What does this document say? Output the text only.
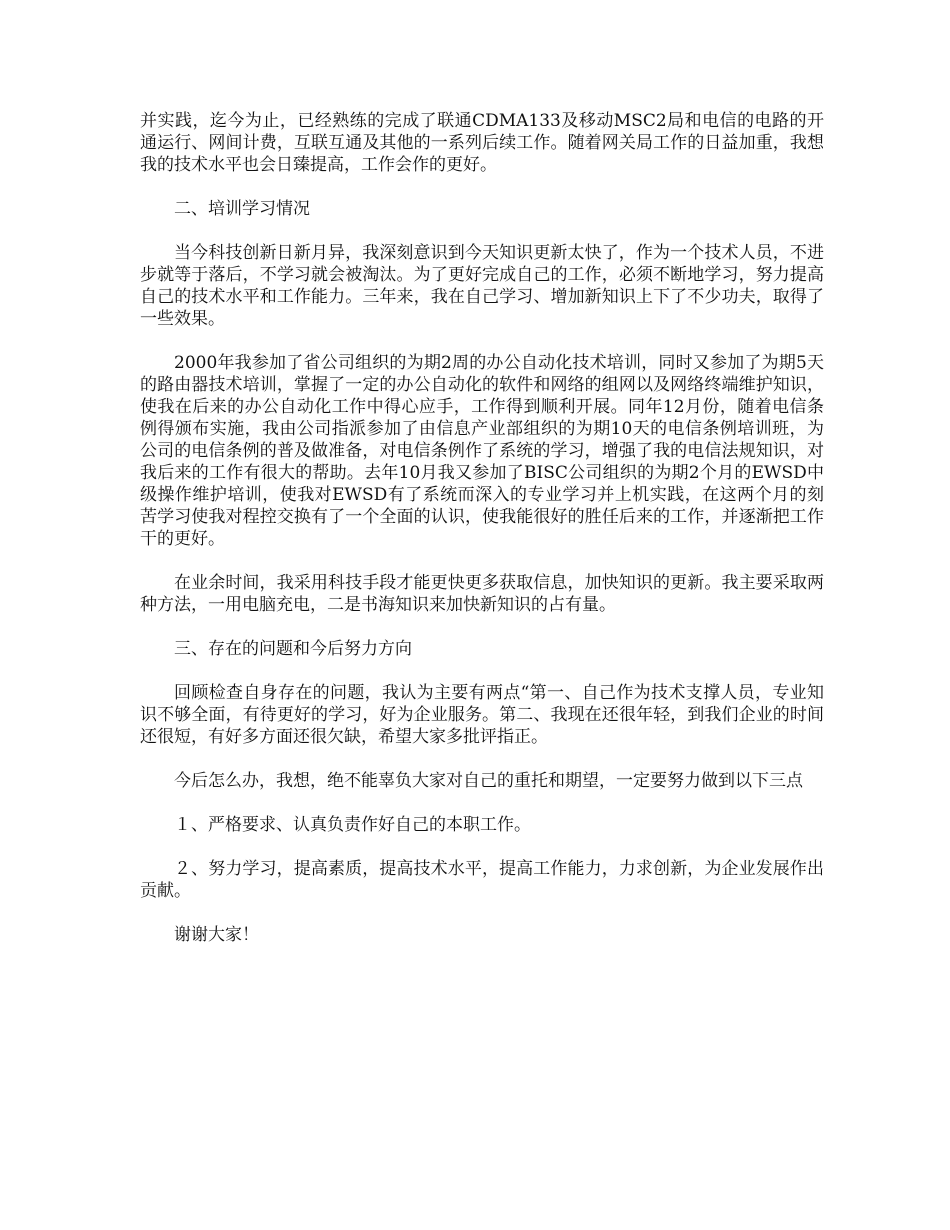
并实践，迄今为止，已经熟练的完成了联通CDMA133及移动MSC2局和电信的电路的开通运行、网间计费，互联互通及其他的一系列后续工作。随着网关局工作的日益加重，我想我的技术水平也会日臻提高，工作会作的更好。

二、培训学习情况

当今科技创新日新月异，我深刻意识到今天知识更新太快了，作为一个技术人员，不进步就等于落后，不学习就会被淘汰。为了更好完成自己的工作，必须不断地学习，努力提高自己的技术水平和工作能力。三年来，我在自己学习、增加新知识上下了不少功夫，取得了一些效果。

2000年我参加了省公司组织的为期2周的办公自动化技术培训，同时又参加了为期5天的路由器技术培训，掌握了一定的办公自动化的软件和网络的组网以及网络终端维护知识，使我在后来的办公自动化工作中得心应手，工作得到顺利开展。同年12月份，随着电信条例得颁布实施，我由公司指派参加了由信息产业部组织的为期10天的电信条例培训班，为公司的电信条例的普及做准备，对电信条例作了系统的学习，增强了我的电信法规知识，对我后来的工作有很大的帮助。去年10月我又参加了BISC公司组织的为期2个月的EWSD中级操作维护培训，使我对EWSD有了系统而深入的专业学习并上机实践，在这两个月的刻苦学习使我对程控交换有了一个全面的认识，使我能很好的胜任后来的工作，并逐渐把工作干的更好。

在业余时间，我采用科技手段才能更快更多获取信息，加快知识的更新。我主要采取两种方法，一用电脑充电，二是书海知识来加快新知识的占有量。

三、存在的问题和今后努力方向

回顾检查自身存在的问题，我认为主要有两点“第一、自己作为技术支撑人员，专业知识不够全面，有待更好的学习，好为企业服务。第二、我现在还很年轻，到我们企业的时间还很短，有好多方面还很欠缺，希望大家多批评指正。

今后怎么办，我想，绝不能辜负大家对自己的重托和期望，一定要努力做到以下三点

１、严格要求、认真负责作好自己的本职工作。

２、努力学习，提高素质，提高技术水平，提高工作能力，力求创新，为企业发展作出贡献。

谢谢大家！
